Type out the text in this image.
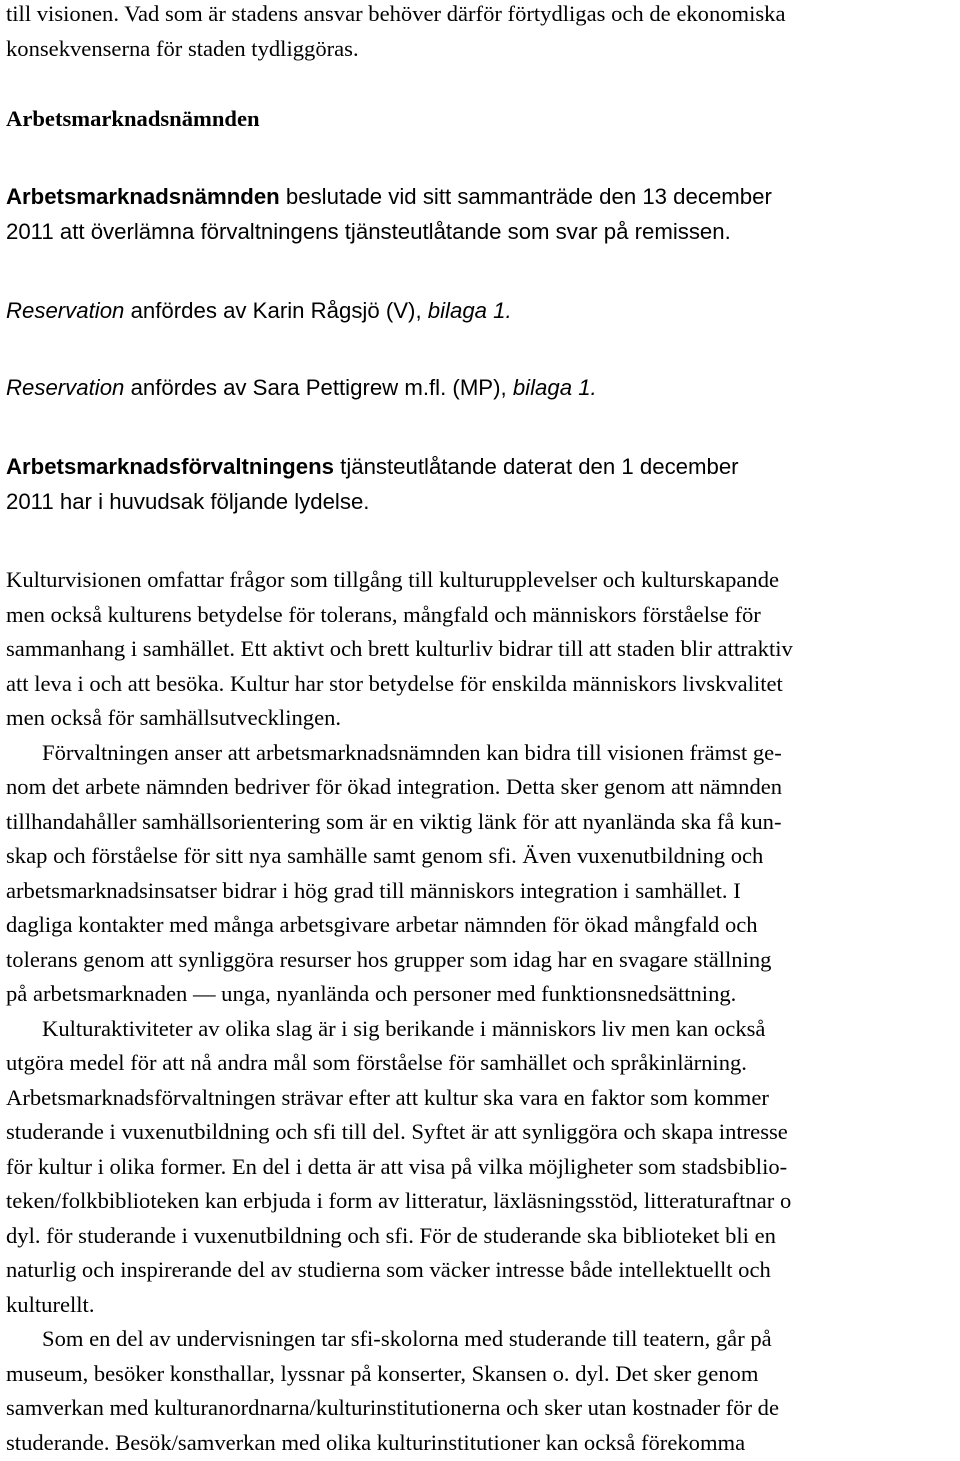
till visionen. Vad som är stadens ansvar behöver därför förtydligas och de ekonomiska

konsekvenserna för staden tydliggöras.

Arbetsmarknadsnämnden

Arbetsmarknadsnämnden beslutade vid sitt sammanträde den 13 december

2011 att överlämna förvaltningens tjänsteutlåtande som svar på remissen.

Reservation anfördes av Karin Rågsjö (V), bilaga 1.

Reservation anfördes av Sara Pettigrew m.fl. (MP), bilaga 1.

Arbetsmarknadsförvaltningens tjänsteutlåtande daterat den 1 december

2011 har i huvudsak följande lydelse.

Kulturvisionen omfattar frågor som tillgång till kulturupplevelser och kulturskapande

men också kulturens betydelse för tolerans, mångfald och människors förståelse för

sammanhang i samhället. Ett aktivt och brett kulturliv bidrar till att staden blir attraktiv

att leva i och att besöka. Kultur har stor betydelse för enskilda människors livskvalitet

men också för samhällsutvecklingen.

Förvaltningen anser att arbetsmarknadsnämnden kan bidra till visionen främst ge-

nom det arbete nämnden bedriver för ökad integration. Detta sker genom att nämnden

tillhandahåller samhällsorientering som är en viktig länk för att nyanlända ska få kun-

skap och förståelse för sitt nya samhälle samt genom sfi. Även vuxenutbildning och

arbetsmarknadsinsatser bidrar i hög grad till människors integration i samhället. I

dagliga kontakter med många arbetsgivare arbetar nämnden för ökad mångfald och

tolerans genom att synliggöra resurser hos grupper som idag har en svagare ställning

på arbetsmarknaden — unga, nyanlända och personer med funktionsnedsättning.

Kulturaktiviteter av olika slag är i sig berikande i människors liv men kan också

utgöra medel för att nå andra mål som förståelse för samhället och språkinlärning.

Arbetsmarknadsförvaltningen strävar efter att kultur ska vara en faktor som kommer

studerande i vuxenutbildning och sfi till del. Syftet är att synliggöra och skapa intresse

för kultur i olika former. En del i detta är att visa på vilka möjligheter som stadsbiblio-

teken/folkbiblioteken kan erbjuda i form av litteratur, läxläsningsstöd, litteraturaftnar o

dyl. för studerande i vuxenutbildning och sfi. För de studerande ska biblioteket bli en

naturlig och inspirerande del av studierna som väcker intresse både intellektuellt och

kulturellt.

Som en del av undervisningen tar sfi-skolorna med studerande till teatern, går på

museum, besöker konsthallar, lyssnar på konserter, Skansen o. dyl. Det sker genom

samverkan med kulturanordnarna/kulturinstitutionerna och sker utan kostnader för de

studerande. Besök/samverkan med olika kulturinstitutioner kan också förekomma
